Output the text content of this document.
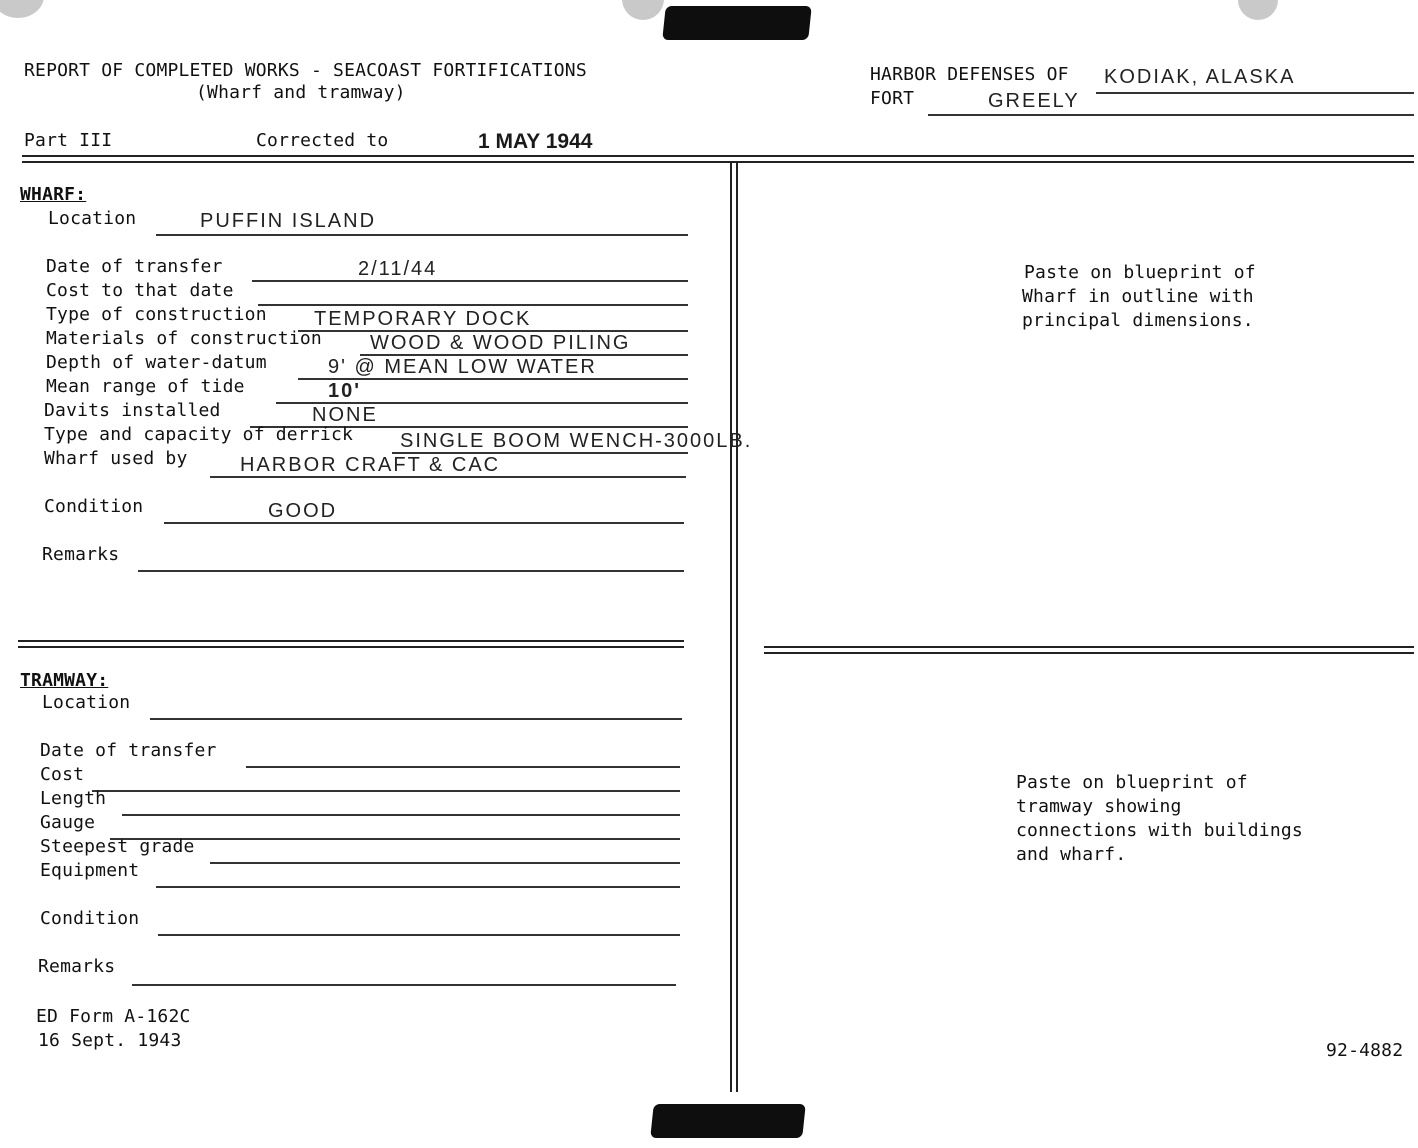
REPORT OF COMPLETED WORKS - SEACOAST FORTIFICATIONS
(Wharf and tramway)
HARBOR DEFENSES OF KODIAK, ALASKA
FORT	GREELY
Part III	Corrected to	1 MAY 1944
WHARF:
Location	PUFFIN ISLAND
Date of transfer	2/11/44
Cost to that date
Type of construction TEMPORARY DOCK
Materials of construction WOOD & WOOD PILING
Depth of water-datum	9' @ MEAN LOW WATER
Mean range of tide	10'
Davits installed	NONE
Type and capacity of derrick SINGLE BOOM WENCH-3000LB.
Wharf used by	HARBOR CRAFT & CAC
Condition	GOOD
Remarks
Paste on blueprint of
Wharf in outline with
principal dimensions.
TRAMWAY:
Location
Date of transfer
Cost
Length
Gauge
Steepest grade
Equipment
Condition
Remarks
Paste on blueprint of
tramway showing
connections with buildings
and wharf.
ED Form A-162C
16 Sept. 1943	92-4882
